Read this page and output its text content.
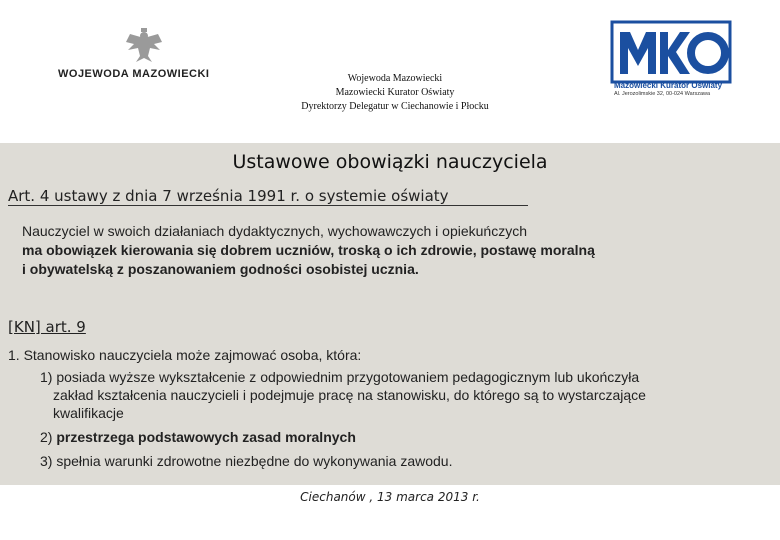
WOJEWODA MAZOWIECKI	Wojewoda Mazowiecki
Mazowiecki Kurator Oświaty
Dyrektorzy Delegatur w Ciechanowie i Płocku
Mazowiecki Kurator Oświaty
Al. Jerozolimskie 32, 00-024 Warszawa
Ustawowe obowiązki nauczyciela
Art. 4 ustawy z dnia 7 września 1991 r. o systemie oświaty
Nauczyciel w swoich działaniach dydaktycznych, wychowawczych i opiekuńczych
ma obowiązek kierowania się dobrem uczniów, troską o ich zdrowie, postawę moralną
i obywatelską z poszanowaniem godności osobistej ucznia.
[KN] art. 9
1. Stanowisko nauczyciela może zajmować osoba, która:
1) posiada wyższe wykształcenie z odpowiednim przygotowaniem pedagogicznym lub ukończyła
zakład kształcenia nauczycieli i podejmuje pracę na stanowisku, do którego są to wystarczające
kwalifikacje
2) przestrzega podstawowych zasad moralnych
3) spełnia warunki zdrowotne niezbędne do wykonywania zawodu.
Ciechanów , 13 marca 2013 r.
